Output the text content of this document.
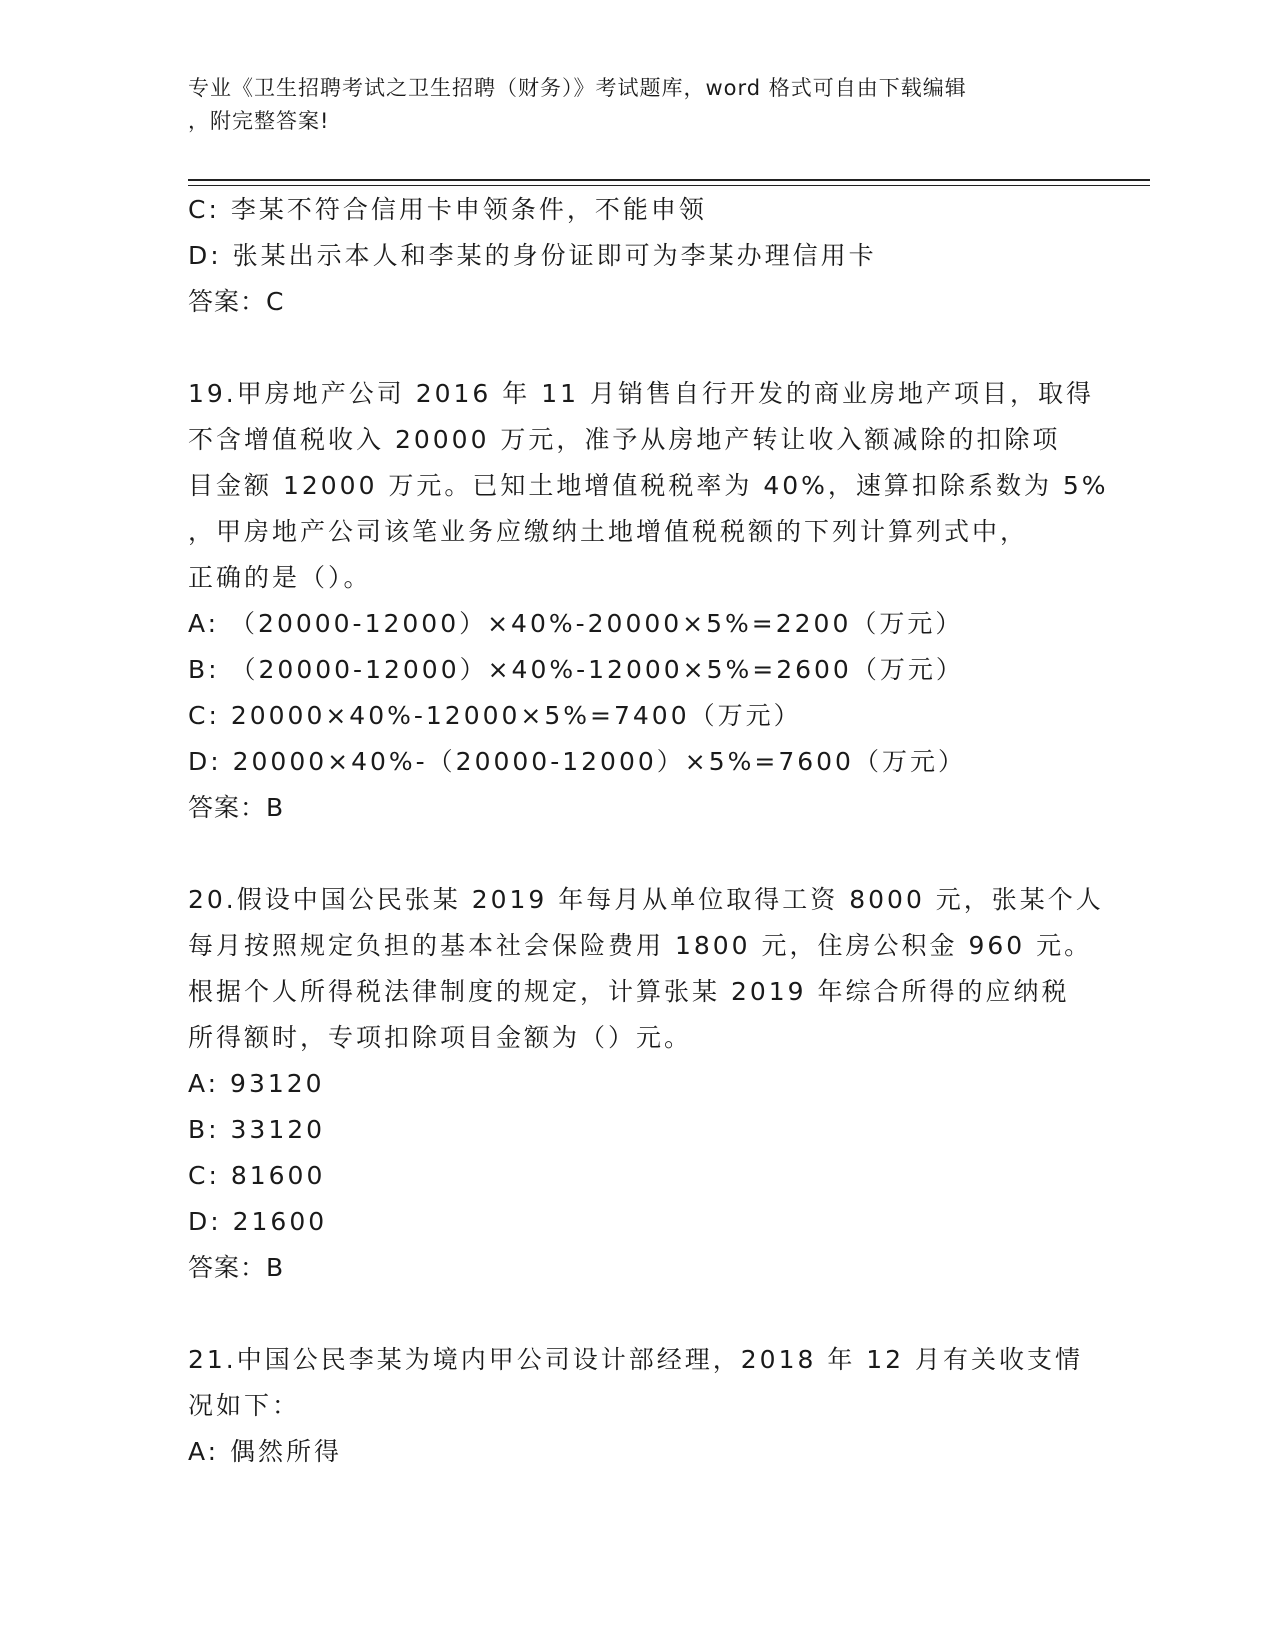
专业《卫生招聘考试之卫生招聘（财务）》考试题库，word 格式可自由下载编辑

，附完整答案!

C: 李某不符合信用卡申领条件，不能申领

D: 张某出示本人和李某的身份证即可为李某办理信用卡

答案：C

19.甲房地产公司 2016 年 11 月销售自行开发的商业房地产项目，取得

不含增值税收入 20000 万元，准予从房地产转让收入额减除的扣除项

目金额 12000 万元。已知土地增值税税率为 40%，速算扣除系数为 5%

，甲房地产公司该笔业务应缴纳土地增值税税额的下列计算列式中，

正确的是（）。

A: （20000-12000）×40%-20000×5%=2200（万元）

B: （20000-12000）×40%-12000×5%=2600（万元）

C: 20000×40%-12000×5%=7400（万元）

D: 20000×40%-（20000-12000）×5%=7600（万元）

答案：B

20.假设中国公民张某 2019 年每月从单位取得工资 8000 元，张某个人

每月按照规定负担的基本社会保险费用 1800 元，住房公积金 960 元。

根据个人所得税法律制度的规定，计算张某 2019 年综合所得的应纳税

所得额时，专项扣除项目金额为（）元。

A: 93120

B: 33120

C: 81600

D: 21600

答案：B

21.中国公民李某为境内甲公司设计部经理，2018 年 12 月有关收支情

况如下：

A: 偶然所得
